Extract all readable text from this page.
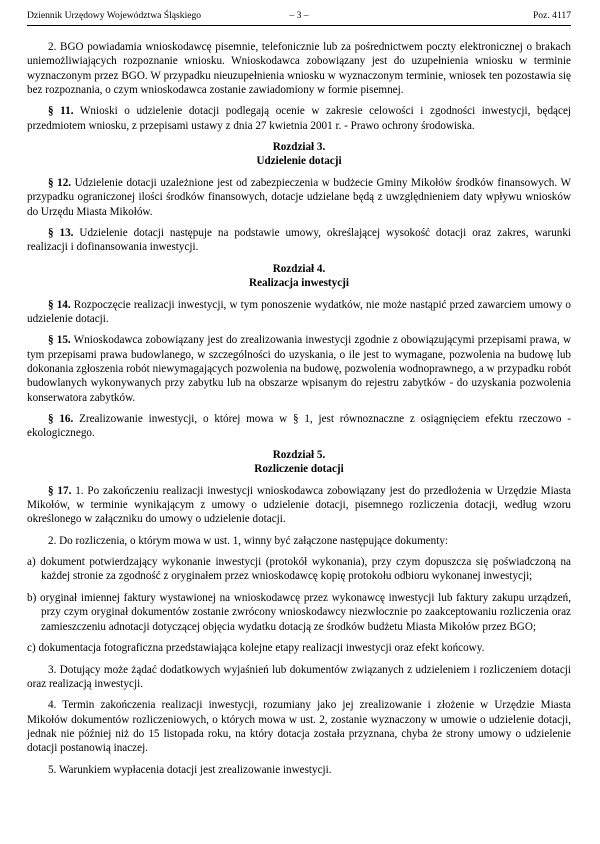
Dziennik Urzędowy Województwa Śląskiego	– 3 –	Poz. 4117

2. BGO powiadamia wnioskodawcę pisemnie, telefonicznie lub za pośrednictwem poczty elektronicznej o brakach uniemożliwiających rozpoznanie wniosku. Wnioskodawca zobowiązany jest do uzupełnienia wniosku w terminie wyznaczonym przez BGO. W przypadku nieuzupełnienia wniosku w wyznaczonym terminie, wniosek ten pozostawia się bez rozpoznania, o czym wnioskodawca zostanie zawiadomiony w formie pisemnej.

§ 11. Wnioski o udzielenie dotacji podlegają ocenie w zakresie celowości i zgodności inwestycji, będącej przedmiotem wniosku, z przepisami ustawy z dnia 27 kwietnia 2001 r. - Prawo ochrony środowiska.

Rozdział 3.
Udzielenie dotacji

§ 12. Udzielenie dotacji uzależnione jest od zabezpieczenia w budżecie Gminy Mikołów środków finansowych. W przypadku ograniczonej ilości środków finansowych, dotacje udzielane będą z uwzględnieniem daty wpływu wniosków do Urzędu Miasta Mikołów.

§ 13. Udzielenie dotacji następuje na podstawie umowy, określającej wysokość dotacji oraz zakres, warunki realizacji i dofinansowania inwestycji.

Rozdział 4.
Realizacja inwestycji

§ 14. Rozpoczęcie realizacji inwestycji, w tym ponoszenie wydatków, nie może nastąpić przed zawarciem umowy o udzielenie dotacji.

§ 15. Wnioskodawca zobowiązany jest do zrealizowania inwestycji zgodnie z obowiązującymi przepisami prawa, w tym przepisami prawa budowlanego, w szczególności do uzyskania, o ile jest to wymagane, pozwolenia na budowę lub dokonania zgłoszenia robót niewymagających pozwolenia na budowę, pozwolenia wodnoprawnego, a w przypadku robót budowlanych wykonywanych przy zabytku lub na obszarze wpisanym do rejestru zabytków - do uzyskania pozwolenia konserwatora zabytków.

§ 16. Zrealizowanie inwestycji, o której mowa w § 1, jest równoznaczne z osiągnięciem efektu rzeczowo - ekologicznego.

Rozdział 5.
Rozliczenie dotacji

§ 17. 1. Po zakończeniu realizacji inwestycji wnioskodawca zobowiązany jest do przedłożenia w Urzędzie Miasta Mikołów, w terminie wynikającym z umowy o udzielenie dotacji, pisemnego rozliczenia dotacji, według wzoru określonego w załączniku do umowy o udzielenie dotacji.

2. Do rozliczenia, o którym mowa w ust. 1, winny być załączone następujące dokumenty:

a) dokument potwierdzający wykonanie inwestycji (protokół wykonania), przy czym dopuszcza się poświadczoną na każdej stronie za zgodność z oryginałem przez wnioskodawcę kopię protokołu odbioru wykonanej inwestycji;

b) oryginał imiennej faktury wystawionej na wnioskodawcę przez wykonawcę inwestycji lub faktury zakupu urządzeń, przy czym oryginał dokumentów zostanie zwrócony wnioskodawcy niezwłocznie po zaakceptowaniu rozliczenia oraz zamieszczeniu adnotacji dotyczącej objęcia wydatku dotacją ze środków budżetu Miasta Mikołów przez BGO;

c) dokumentacja fotograficzna przedstawiająca kolejne etapy realizacji inwestycji oraz efekt końcowy.

3. Dotujący może żądać dodatkowych wyjaśnień lub dokumentów związanych z udzieleniem i rozliczeniem dotacji oraz realizacją inwestycji.

4. Termin zakończenia realizacji inwestycji, rozumiany jako jej zrealizowanie i złożenie w Urzędzie Miasta Mikołów dokumentów rozliczeniowych, o których mowa w ust. 2, zostanie wyznaczony w umowie o udzielenie dotacji, jednak nie później niż do 15 listopada roku, na który dotacja została przyznana, chyba że strony umowy o udzielenie dotacji postanowią inaczej.

5. Warunkiem wypłacenia dotacji jest zrealizowanie inwestycji.
